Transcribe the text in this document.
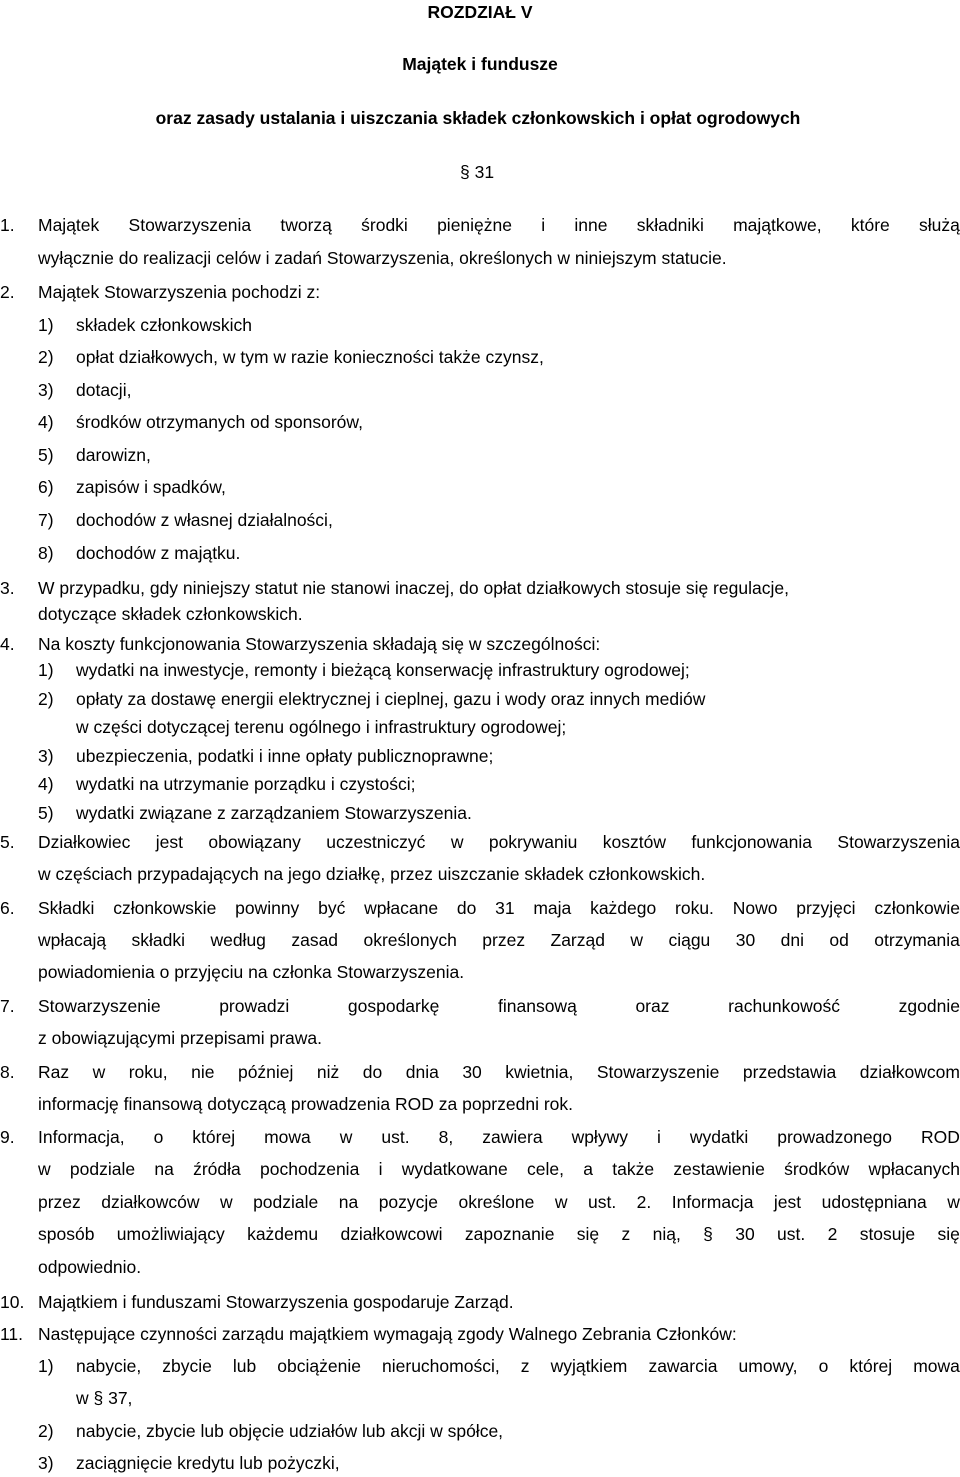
ROZDZIAŁ V
Majątek i fundusze
oraz zasady ustalania i uiszczania składek członkowskich i opłat ogrodowych
§ 31
1. Majątek Stowarzyszenia tworzą środki pieniężne i inne składniki majątkowe, które służą
wyłącznie do realizacji celów i zadań Stowarzyszenia, określonych w niniejszym statucie.
2. Majątek Stowarzyszenia pochodzi z:
1) składek członkowskich
2) opłat działkowych, w tym w razie konieczności także czynsz,
3) dotacji,
4) środków otrzymanych od sponsorów,
5) darowizn,
6) zapisów i spadków,
7) dochodów z własnej działalności,
8) dochodów z majątku.
3. W przypadku, gdy niniejszy statut nie stanowi inaczej, do opłat działkowych stosuje się regulacje,
dotyczące składek członkowskich.
4. Na koszty funkcjonowania Stowarzyszenia składają się w szczególności:
1) wydatki na inwestycje, remonty i bieżącą konserwację infrastruktury ogrodowej;
2) opłaty za dostawę energii elektrycznej i cieplnej, gazu i wody oraz innych mediów
w części dotyczącej terenu ogólnego i infrastruktury ogrodowej;
3) ubezpieczenia, podatki i inne opłaty publicznoprawne;
4) wydatki na utrzymanie porządku i czystości;
5) wydatki związane z zarządzaniem Stowarzyszenia.
5. Działkowiec jest obowiązany uczestniczyć w pokrywaniu kosztów funkcjonowania Stowarzyszenia
w częściach przypadających na jego działkę, przez uiszczanie składek członkowskich.
6. Składki członkowskie powinny być wpłacane do 31 maja każdego roku. Nowo przyjęci członkowie
wpłacają składki według zasad określonych przez Zarząd w ciągu 30 dni od otrzymania
powiadomienia o przyjęciu na członka Stowarzyszenia.
7. Stowarzyszenie	prowadzi	gospodarkę	finansową	oraz	rachunkowość	zgodnie
z obowiązującymi przepisami prawa.
8. Raz w roku, nie później niż do dnia 30 kwietnia, Stowarzyszenie przedstawia działkowcom
informację finansową dotyczącą prowadzenia ROD za poprzedni rok.
9. Informacja, o której mowa w ust. 8, zawiera wpływy i wydatki prowadzonego ROD
w podziale na źródła pochodzenia i wydatkowane cele, a także zestawienie środków wpłacanych
przez działkowców w podziale na pozycje określone w ust. 2. Informacja jest udostępniana w
sposób umożliwiający każdemu działkowcowi zapoznanie się z nią, § 30 ust. 2 stosuje się
odpowiednio.
10. Majątkiem i funduszami Stowarzyszenia gospodaruje Zarząd.
11. Następujące czynności zarządu majątkiem wymagają zgody Walnego Zebrania Członków:
1) nabycie, zbycie lub obciążenie nieruchomości, z wyjątkiem zawarcia umowy, o której mowa
w § 37,
2) nabycie, zbycie lub objęcie udziałów lub akcji w spółce,
3) zaciągnięcie kredytu lub pożyczki,
